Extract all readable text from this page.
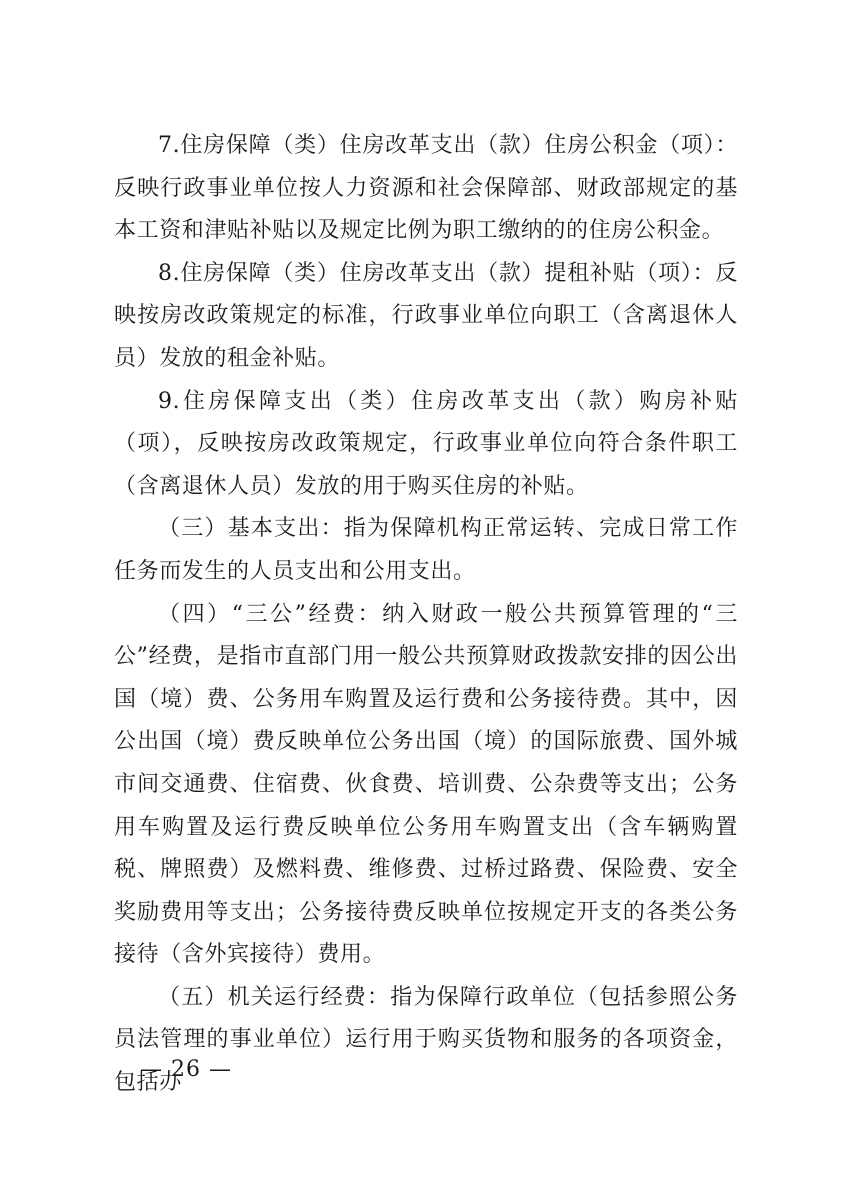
7.住房保障（类）住房改革支出（款）住房公积金（项）：反映行政事业单位按人力资源和社会保障部、财政部规定的基本工资和津贴补贴以及规定比例为职工缴纳的的住房公积金。

8.住房保障（类）住房改革支出（款）提租补贴（项）：反映按房改政策规定的标准，行政事业单位向职工（含离退休人员）发放的租金补贴。

9.住房保障支出（类）住房改革支出（款）购房补贴（项），反映按房改政策规定，行政事业单位向符合条件职工（含离退休人员）发放的用于购买住房的补贴。

（三）基本支出：指为保障机构正常运转、完成日常工作任务而发生的人员支出和公用支出。

（四）“三公”经费：纳入财政一般公共预算管理的“三公”经费，是指市直部门用一般公共预算财政拨款安排的因公出国（境）费、公务用车购置及运行费和公务接待费。其中，因公出国（境）费反映单位公务出国（境）的国际旅费、国外城市间交通费、住宿费、伙食费、培训费、公杂费等支出；公务用车购置及运行费反映单位公务用车购置支出（含车辆购置税、牌照费）及燃料费、维修费、过桥过路费、保险费、安全奖励费用等支出；公务接待费反映单位按规定开支的各类公务接待（含外宾接待）费用。

（五）机关运行经费：指为保障行政单位（包括参照公务员法管理的事业单位）运行用于购买货物和服务的各项资金，包括办

— 26 —
